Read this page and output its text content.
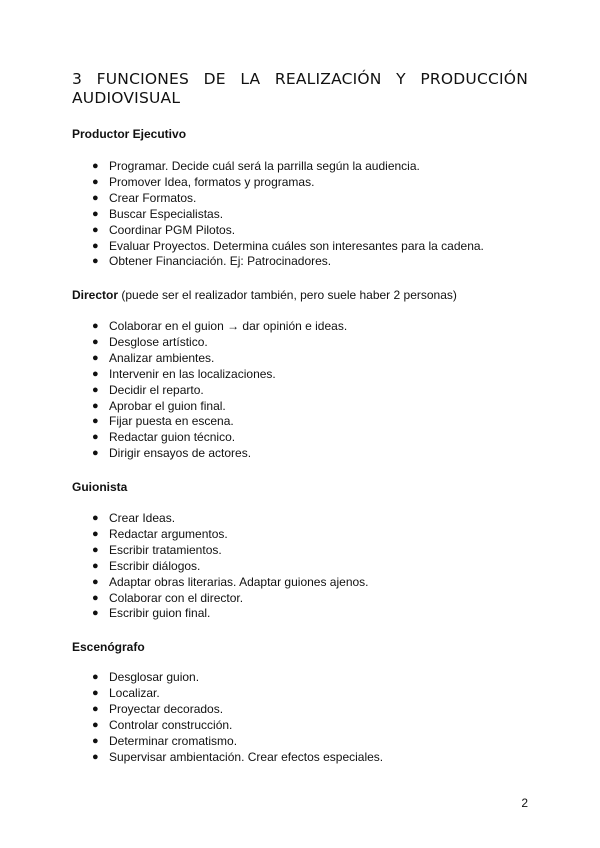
3 FUNCIONES DE LA REALIZACIÓN Y PRODUCCIÓN
AUDIOVISUAL

Productor Ejecutivo

● Programar. Decide cuál será la parrilla según la audiencia.
● Promover Idea, formatos y programas.
● Crear Formatos.
● Buscar Especialistas.
● Coordinar PGM Pilotos.
● Evaluar Proyectos. Determina cuáles son interesantes para la cadena.
● Obtener Financiación. Ej: Patrocinadores.

Director (puede ser el realizador también, pero suele haber 2 personas)

● Colaborar en el guion → dar opinión e ideas.
● Desglose artístico.
● Analizar ambientes.
● Intervenir en las localizaciones.
● Decidir el reparto.
● Aprobar el guion final.
● Fijar puesta en escena.
● Redactar guion técnico.
● Dirigir ensayos de actores.

Guionista

● Crear Ideas.
● Redactar argumentos.
● Escribir tratamientos.
● Escribir diálogos.
● Adaptar obras literarias. Adaptar guiones ajenos.
● Colaborar con el director.
● Escribir guion final.

Escenógrafo

● Desglosar guion.
● Localizar.
● Proyectar decorados.
● Controlar construcción.
● Determinar cromatismo.
● Supervisar ambientación. Crear efectos especiales.
2
